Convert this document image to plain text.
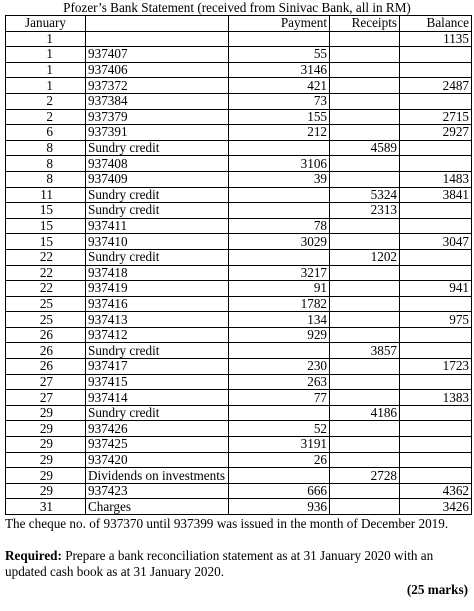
Pfozer’s Bank Statement (received from Sinivac Bank, all in RM)
January		Payment	Receipts	Balance
1				1135
1	937407	55		
1	937406	3146		
1	937372	421		2487
2	937384	73		
2	937379	155		2715
6	937391	212		2927
8	Sundry credit		4589	
8	937408	3106		
8	937409	39		1483
11	Sundry credit		5324	3841
15	Sundry credit		2313	
15	937411	78		
15	937410	3029		3047
22	Sundry credit		1202	
22	937418	3217		
22	937419	91		941
25	937416	1782		
25	937413	134		975
26	937412	929		
26	Sundry credit		3857	
26	937417	230		1723
27	937415	263		
27	937414	77		1383
29	Sundry credit		4186	
29	937426	52		
29	937425	3191		
29	937420	26		
29	Dividends on investments		2728	
29	937423	666		4362
31	Charges	936		3426
The cheque no. of 937370 until 937399 was issued in the month of December 2019.
Required: Prepare a bank reconciliation statement as at 31 January 2020 with an updated cash book as at 31 January 2020.
(25 marks)
